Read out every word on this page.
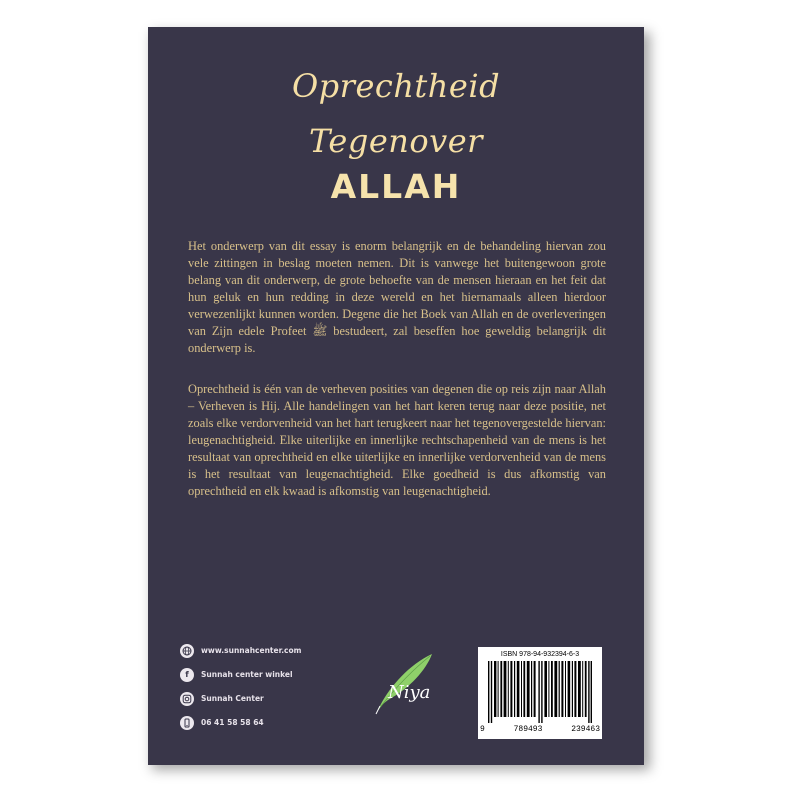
Oprechtheid
Tegenover
ALLAH

Het onderwerp van dit essay is enorm belangrijk en de behandeling hiervan zou vele zittingen in beslag moeten nemen. Dit is vanwege het buitengewoon grote belang van dit onderwerp, de grote behoefte van de mensen hieraan en het feit dat hun geluk en hun redding in deze wereld en het hiernamaals alleen hierdoor verwezenlijkt kunnen worden. Degene die het Boek van Allah en de overleveringen van Zijn edele Profeet ﷺ bestudeert, zal beseffen hoe geweldig belangrijk dit onderwerp is.

Oprechtheid is één van de verheven posities van degenen die op reis zijn naar Allah – Verheven is Hij. Alle handelingen van het hart keren terug naar deze positie, net zoals elke verdorvenheid van het hart terugkeert naar het tegenovergestelde hiervan: leugenachtigheid. Elke uiterlijke en innerlijke rechtschapenheid van de mens is het resultaat van oprechtheid en elke uiterlijke en innerlijke verdorvenheid van de mens is het resultaat van leugenachtigheid. Elke goedheid is dus afkomstig van oprechtheid en elk kwaad is afkomstig van leugenachtigheid.

www.sunnahcenter.com
f	Sunnah center winkel
Sunnah Center
06 41 58 58 64
Niya
ISBN 978-94-932394-6-3
9	789493	239463
